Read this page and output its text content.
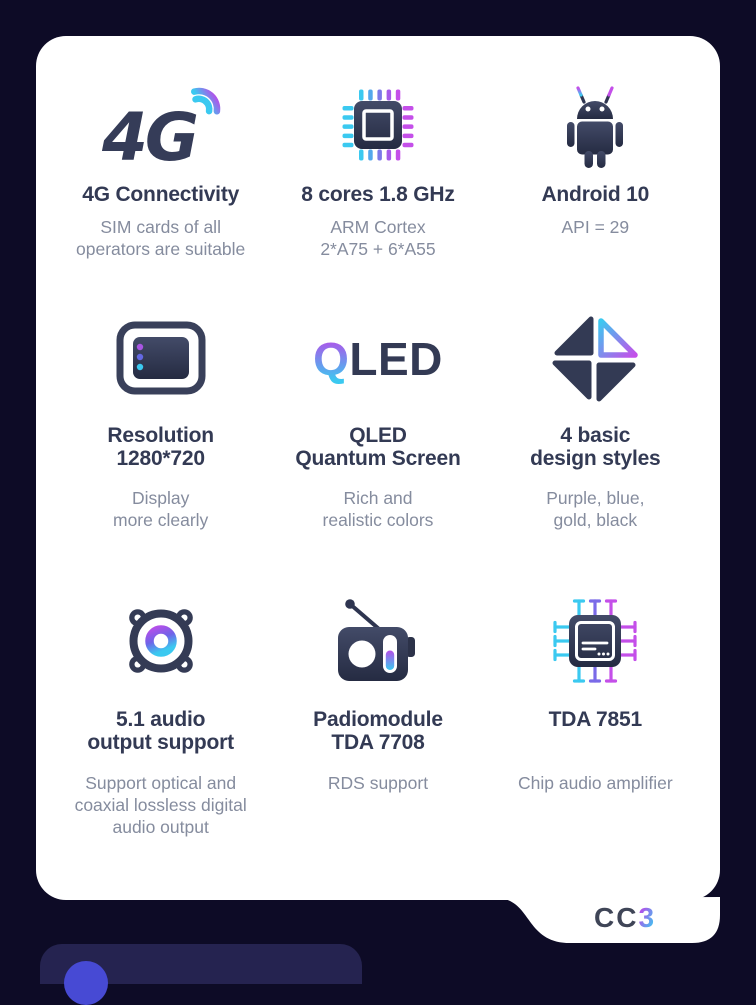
4G
4G Connectivity
SIM cards of all
operators are suitable
8 cores 1.8 GHz
ARM Cortex
2*A75 + 6*A55
Android 10
API = 29
Resolution
1280*720
Display
more clearly
QLED
QLED
Quantum Screen
Rich and
realistic colors
4 basic
design styles
Purple, blue,
gold, black
5.1 audio
output support
Support optical and
coaxial lossless digital
audio output
Padiomodule
TDA 7708
RDS support
TDA 7851
Chip audio amplifier
CC3
